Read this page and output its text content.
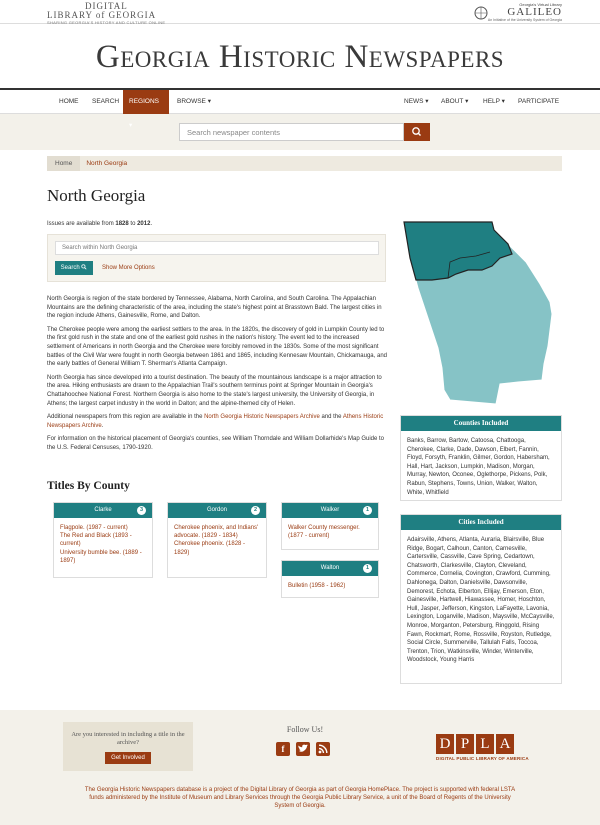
DIGITAL
LIBRARY of GEORGIA
SHARING GEORGIA'S HISTORY AND CULTURE ONLINE
Georgia's Virtual Library
GALILEO
An Initiative of the University System of Georgia
Georgia Historic Newspapers
HOME	SEARCH	REGIONS ▾
BROWSE ▾	NEWS ▾	ABOUT ▾	HELP ▾	PARTICIPATE
Search newspaper contents
Home North Georgia
North Georgia
Issues are available from 1828 to 2012.
Search within North Georgia
Search	Show More Options

North Georgia is region of the state bordered by Tennessee, Alabama, North Carolina, and South Carolina. The Appalachian Mountains are the defining characteristic of the area, including the state's highest point at Brasstown Bald. The largest cities in the region include Athens, Gainesville, Rome, and Dalton.

The Cherokee people were among the earliest settlers to the area. In the 1820s, the discovery of gold in Lumpkin County led to the first gold rush in the state and one of the earliest gold rushes in the nation's history. The event led to the increased settlement of Americans in north Georgia and the Cherokee were forcibly removed in the 1830s. Some of the most significant battles of the Civil War were fought in north Georgia between 1861 and 1865, including Kennesaw Mountain, Chickamauga, and the early battles of General William T. Sherman's Atlanta Campaign.

North Georgia has since developed into a tourist destination. The beauty of the mountainous landscape is a major attraction to the area. Hiking enthusiasts are drawn to the Appalachian Trail's southern terminus point at Springer Mountain in Georgia's Chattahoochee National Forest. Northern Georgia is also home to the state's largest university, the University of Georgia, in Athens; the largest carpet industry in the world in Dalton; and the alpine-themed city of Helen.

Additional newspapers from this region are available in the North Georgia Historic Newspapers Archive and the Athens Historic Newspapers Archive.

For information on the historical placement of Georgia's counties, see William Thorndale and William Dollarhide's Map Guide to the U.S. Federal Censuses, 1790-1920.

Titles By County
Clarke	3
Flagpole. (1987 - current)
The Red and Black (1893 - current)
University bumble bee. (1889 - 1897)
Gordon	2
Cherokee phoenix, and Indians' advocate. (1829 - 1834)
Cherokee phoenix. (1828 - 1829)
Walker	1
Walker County messenger. (1877 - current)
Walton	1
Bulletin (1958 - 1962)
Counties Included
Banks, Barrow, Bartow, Catoosa, Chattooga, Cherokee, Clarke, Dade, Dawson, Elbert, Fannin, Floyd, Forsyth, Franklin, Gilmer, Gordon, Habersham, Hall, Hart, Jackson, Lumpkin, Madison, Morgan, Murray, Newton, Oconee, Oglethorpe, Pickens, Polk, Rabun, Stephens, Towns, Union, Walker, Walton, White, Whitfield
Cities Included
Adairsville, Athens, Atlanta, Auraria, Blairsville, Blue Ridge, Bogart, Calhoun, Canton, Carnesville, Cartersville, Cassville, Cave Spring, Cedartown, Chatsworth, Clarkesville, Clayton, Cleveland, Commerce, Cornelia, Covington, Crawford, Cumming, Dahlonega, Dalton, Danielsville, Dawsonville, Demorest, Echota, Elberton, Ellijay, Emerson, Eton, Gainesville, Hartwell, Hiawassee, Homer, Hoschton, Hull, Jasper, Jefferson, Kingston, LaFayette, Lavonia, Lexington, Loganville, Madison, Maysville, McCaysville, Monroe, Morganton, Petersburg, Ringgold, Rising Fawn, Rockmart, Rome, Rossville, Royston, Rutledge, Social Circle, Summerville, Tallulah Falls, Toccoa, Trenton, Trion, Watkinsville, Winder, Winterville, Woodstock, Young Harris
Are you interested in including a title in the archive?
Get Involved
Follow Us!
f	D P L A
DIGITAL PUBLIC LIBRARY OF AMERICA
The Georgia Historic Newspapers database is a project of the Digital Library of Georgia as part of Georgia HomePlace. The project is supported with federal LSTA funds administered by the Institute of Museum and Library Services through the Georgia Public Library Service, a unit of the Board of Regents of the University System of Georgia.
